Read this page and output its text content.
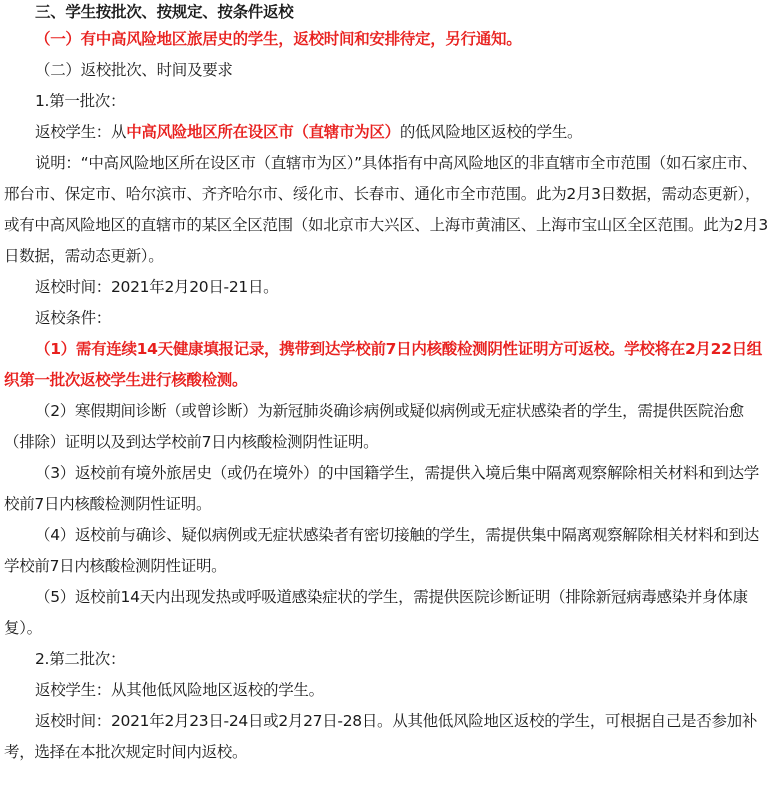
三、学生按批次、按规定、按条件返校

（一）有中高风险地区旅居史的学生，返校时间和安排待定，另行通知。

（二）返校批次、时间及要求

1.第一批次：

返校学生：从中高风险地区所在设区市（直辖市为区）的低风险地区返校的学生。

说明：“中高风险地区所在设区市（直辖市为区）”具体指有中高风险地区的非直辖市全市范围（如石家庄市、邢台市、保定市、哈尔滨市、齐齐哈尔市、绥化市、长春市、通化市全市范围。此为2月3日数据，需动态更新），或有中高风险地区的直辖市的某区全区范围（如北京市大兴区、上海市黄浦区、上海市宝山区全区范围。此为2月3日数据，需动态更新）。

返校时间：2021年2月20日-21日。

返校条件：

（1）需有连续14天健康填报记录，携带到达学校前7日内核酸检测阴性证明方可返校。学校将在2月22日组织第一批次返校学生进行核酸检测。

（2）寒假期间诊断（或曾诊断）为新冠肺炎确诊病例或疑似病例或无症状感染者的学生，需提供医院治愈（排除）证明以及到达学校前7日内核酸检测阴性证明。

（3）返校前有境外旅居史（或仍在境外）的中国籍学生，需提供入境后集中隔离观察解除相关材料和到达学校前7日内核酸检测阴性证明。

（4）返校前与确诊、疑似病例或无症状感染者有密切接触的学生，需提供集中隔离观察解除相关材料和到达学校前7日内核酸检测阴性证明。

（5）返校前14天内出现发热或呼吸道感染症状的学生，需提供医院诊断证明（排除新冠病毒感染并身体康复）。

2.第二批次：

返校学生：从其他低风险地区返校的学生。

返校时间：2021年2月23日-24日或2月27日-28日。从其他低风险地区返校的学生，可根据自己是否参加补考，选择在本批次规定时间内返校。
